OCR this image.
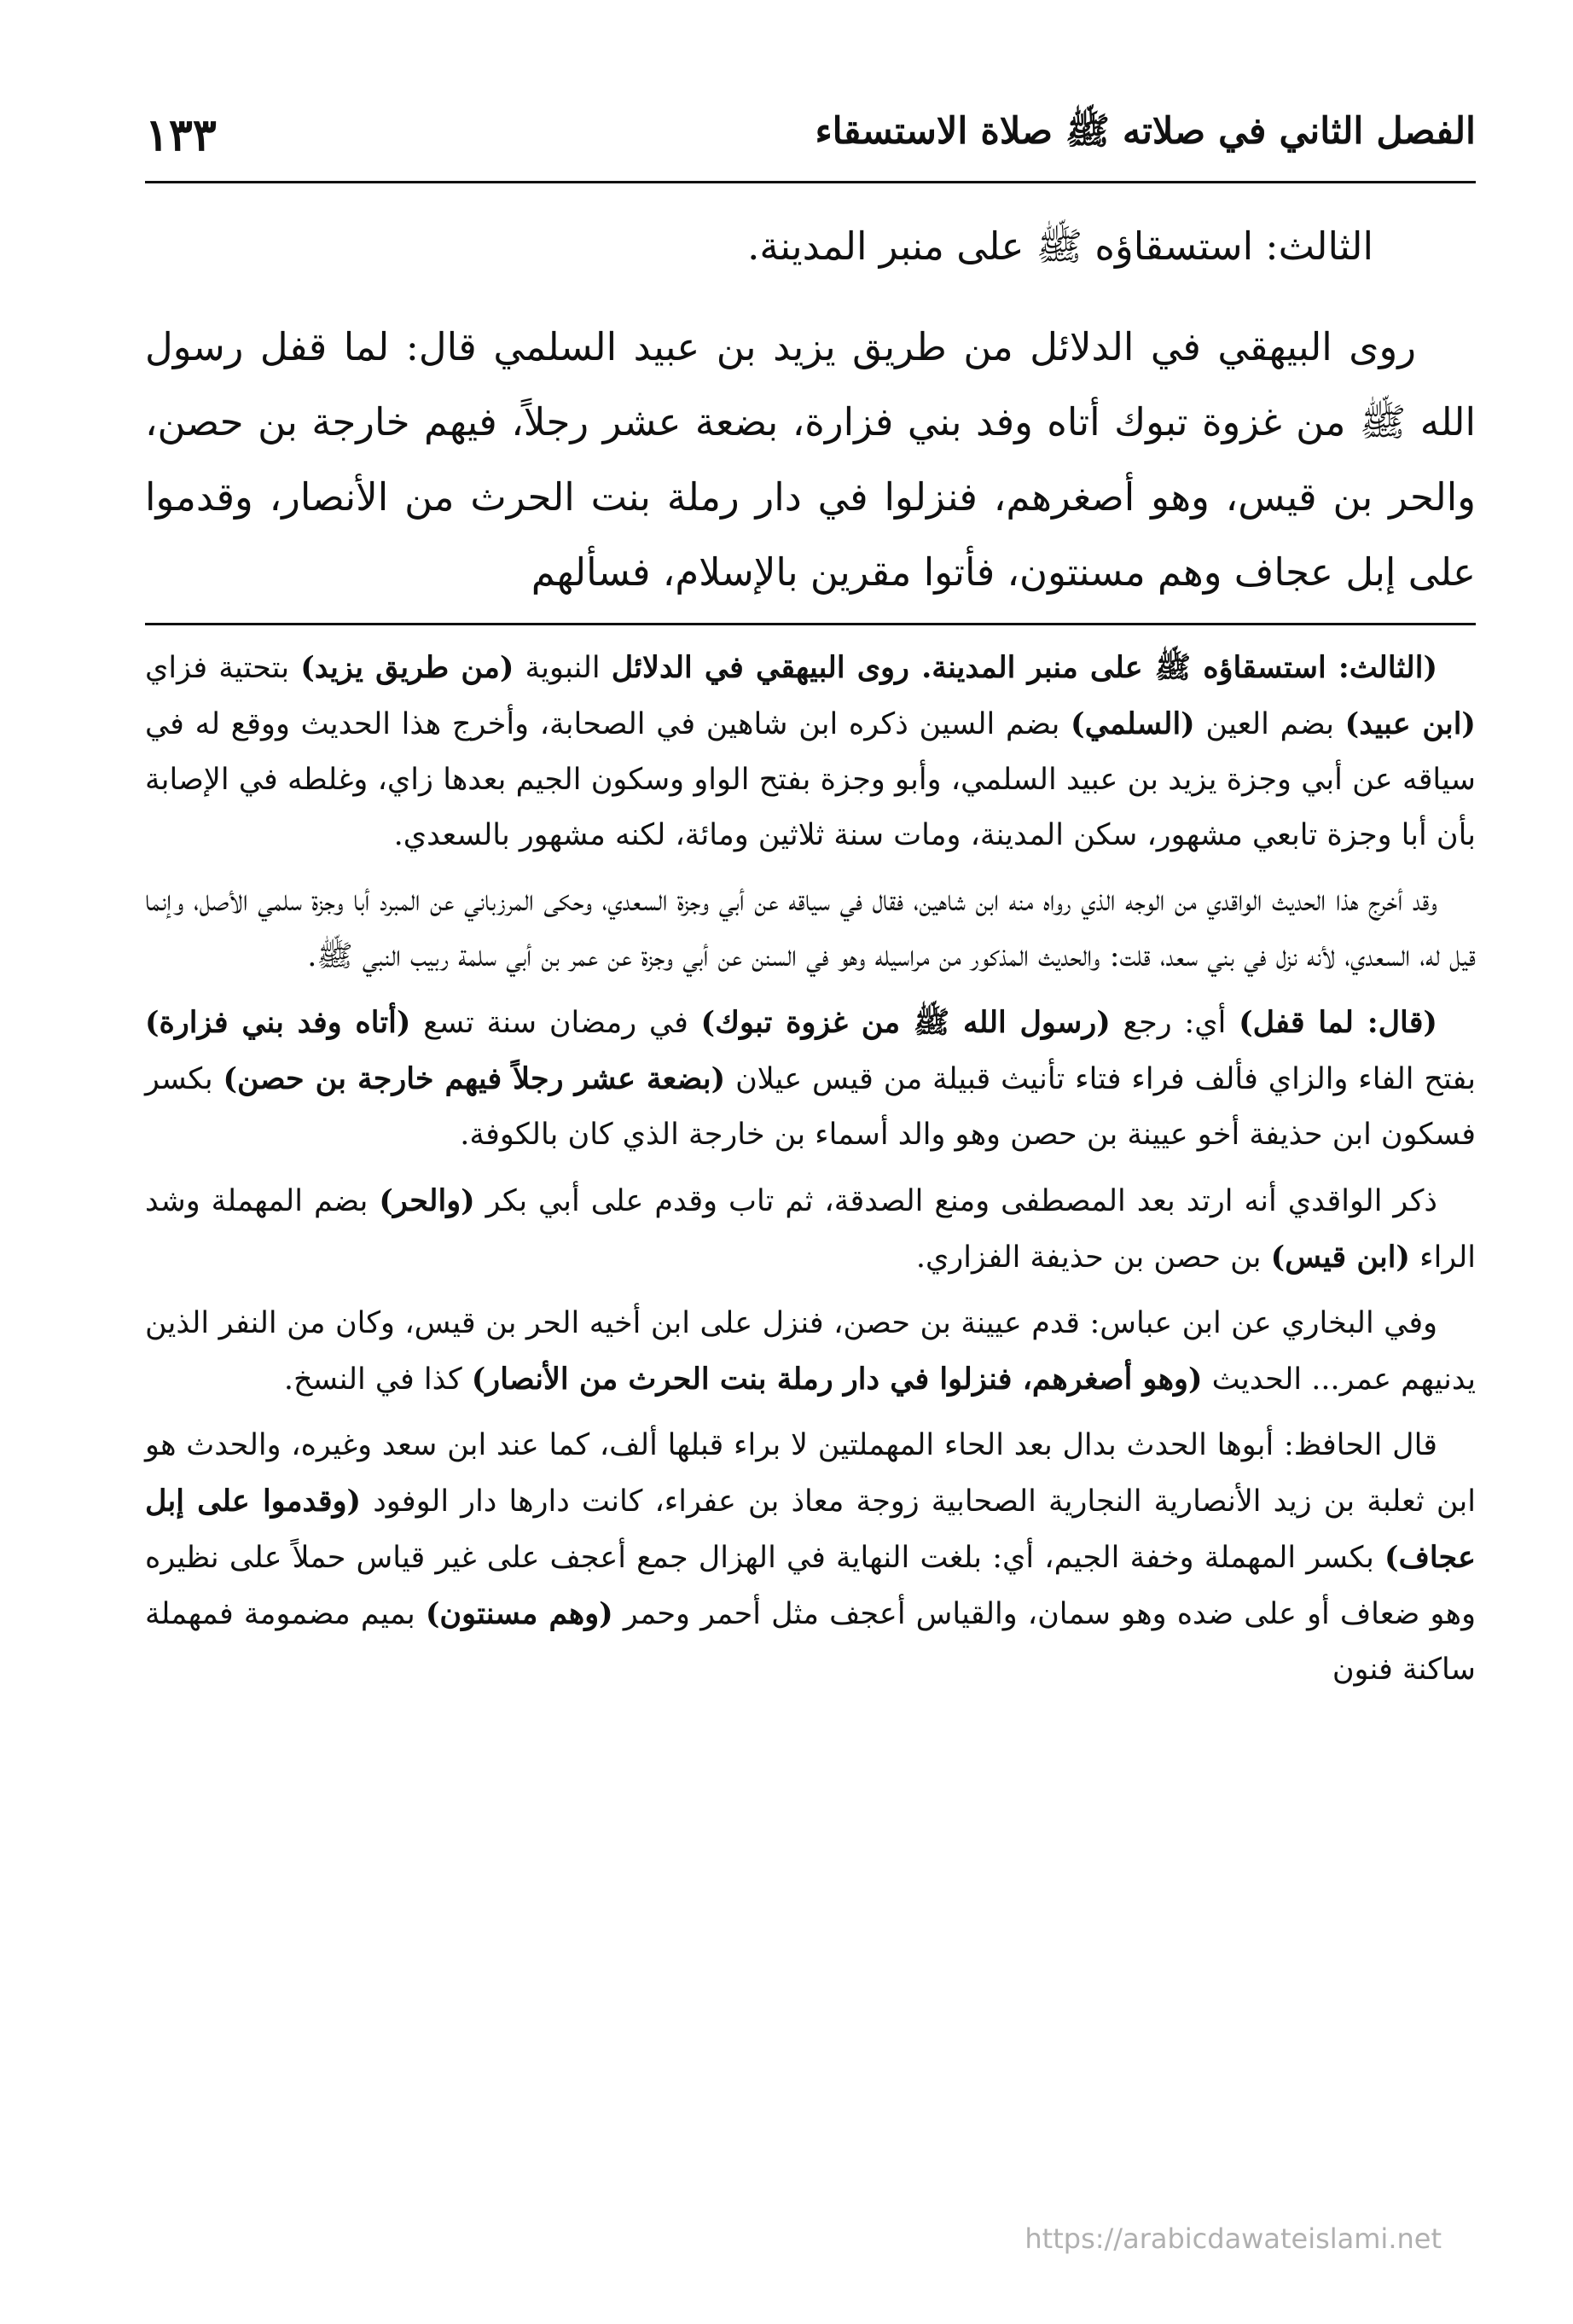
الفصل الثاني في صلاته ﷺ صلاة الاستسقاء
١٣٣

الثالث: استسقاؤه ﷺ على منبر المدينة.

روى البيهقي في الدلائل من طريق يزيد بن عبيد السلمي قال: لما قفل رسول الله ﷺ من غزوة تبوك أتاه وفد بني فزارة، بضعة عشر رجلاً، فيهم خارجة بن حصن، والحر بن قيس، وهو أصغرهم، فنزلوا في دار رملة بنت الحرث من الأنصار، وقدموا على إبل عجاف وهم مسنتون، فأتوا مقرين بالإسلام، فسألهم

(الثالث: استسقاؤه ﷺ على منبر المدينة. روى البيهقي في الدلائل النبوية (من طريق يزيد) بتحتية فزاي (ابن عبيد) بضم العين (السلمي) بضم السين ذكره ابن شاهين في الصحابة، وأخرج هذا الحديث ووقع له في سياقه عن أبي وجزة يزيد بن عبيد السلمي، وأبو وجزة بفتح الواو وسكون الجيم بعدها زاي، وغلطه في الإصابة بأن أبا وجزة تابعي مشهور، سكن المدينة، ومات سنة ثلاثين ومائة، لكنه مشهور بالسعدي.

وقد أخرج هذا الحديث الواقدي من الوجه الذي رواه منه ابن شاهين، فقال في سياقه عن أبي وجزة السعدي، وحكى المرزباني عن المبرد أبا وجزة سلمي الأصل، وإنما قيل له، السعدي، لأنه نزل في بني سعد، قلت: والحديث المذكور من مراسيله وهو في السنن عن أبي وجزة عن عمر بن أبي سلمة ربيب النبي ﷺ.

(قال: لما قفل) أي: رجع (رسول الله ﷺ من غزوة تبوك) في رمضان سنة تسع (أتاه وفد بني فزارة) بفتح الفاء والزاي فألف فراء فتاء تأنيث قبيلة من قيس عيلان (بضعة عشر رجلاً فيهم خارجة بن حصن) بكسر فسكون ابن حذيفة أخو عيينة بن حصن وهو والد أسماء بن خارجة الذي كان بالكوفة.

ذكر الواقدي أنه ارتد بعد المصطفى ومنع الصدقة، ثم تاب وقدم على أبي بكر (والحر) بضم المهملة وشد الراء (ابن قيس) بن حصن بن حذيفة الفزاري.

وفي البخاري عن ابن عباس: قدم عيينة بن حصن، فنزل على ابن أخيه الحر بن قيس، وكان من النفر الذين يدنيهم عمر... الحديث (وهو أصغرهم، فنزلوا في دار رملة بنت الحرث من الأنصار) كذا في النسخ.

قال الحافظ: أبوها الحدث بدال بعد الحاء المهملتين لا براء قبلها ألف، كما عند ابن سعد وغيره، والحدث هو ابن ثعلبة بن زيد الأنصارية النجارية الصحابية زوجة معاذ بن عفراء، كانت دارها دار الوفود (وقدموا على إبل عجاف) بكسر المهملة وخفة الجيم، أي: بلغت النهاية في الهزال جمع أعجف على غير قياس حملاً على نظيره وهو ضعاف أو على ضده وهو سمان، والقياس أعجف مثل أحمر وحمر (وهم مسنتون) بميم مضمومة فمهملة ساكنة فنون

https://arabicdawateislami.net
